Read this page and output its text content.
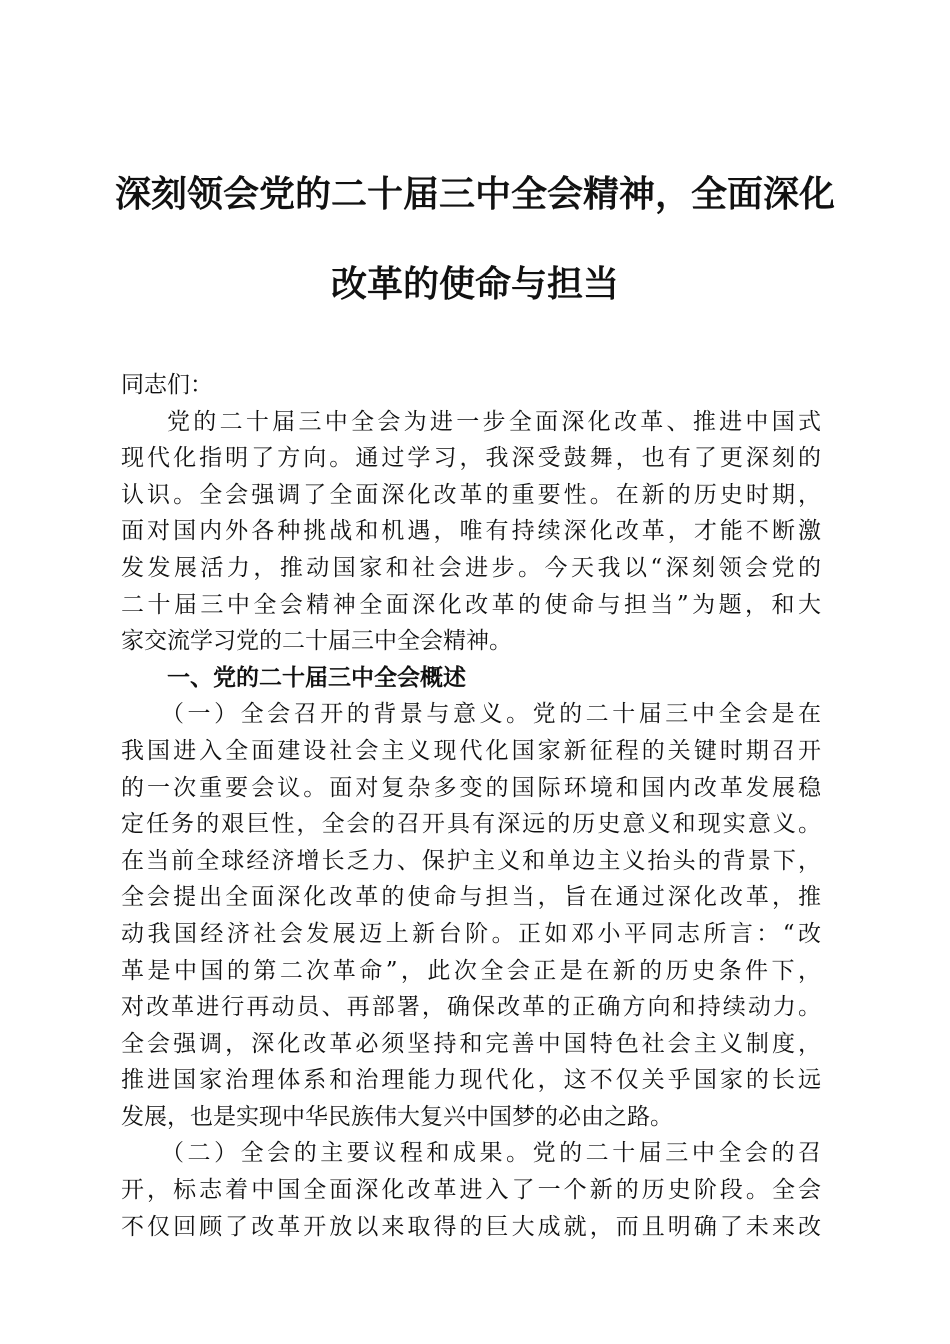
深刻领会党的二十届三中全会精神，全面深化
改革的使命与担当
同志们：
党的二十届三中全会为进一步全面深化改革、推进中国式
现代化指明了方向。通过学习，我深受鼓舞，也有了更深刻的
认识。全会强调了全面深化改革的重要性。在新的历史时期，
面对国内外各种挑战和机遇，唯有持续深化改革，才能不断激
发发展活力，推动国家和社会进步。今天我以“深刻领会党的
二十届三中全会精神全面深化改革的使命与担当”为题，和大
家交流学习党的二十届三中全会精神。
一、党的二十届三中全会概述
（一）全会召开的背景与意义。党的二十届三中全会是在
我国进入全面建设社会主义现代化国家新征程的关键时期召开
的一次重要会议。面对复杂多变的国际环境和国内改革发展稳
定任务的艰巨性，全会的召开具有深远的历史意义和现实意义。
在当前全球经济增长乏力、保护主义和单边主义抬头的背景下，
全会提出全面深化改革的使命与担当，旨在通过深化改革，推
动我国经济社会发展迈上新台阶。正如邓小平同志所言：“改
革是中国的第二次革命”，此次全会正是在新的历史条件下，
对改革进行再动员、再部署，确保改革的正确方向和持续动力。
全会强调，深化改革必须坚持和完善中国特色社会主义制度，
推进国家治理体系和治理能力现代化，这不仅关乎国家的长远
发展，也是实现中华民族伟大复兴中国梦的必由之路。
（二）全会的主要议程和成果。党的二十届三中全会的召
开，标志着中国全面深化改革进入了一个新的历史阶段。全会
不仅回顾了改革开放以来取得的巨大成就，而且明确了未来改
